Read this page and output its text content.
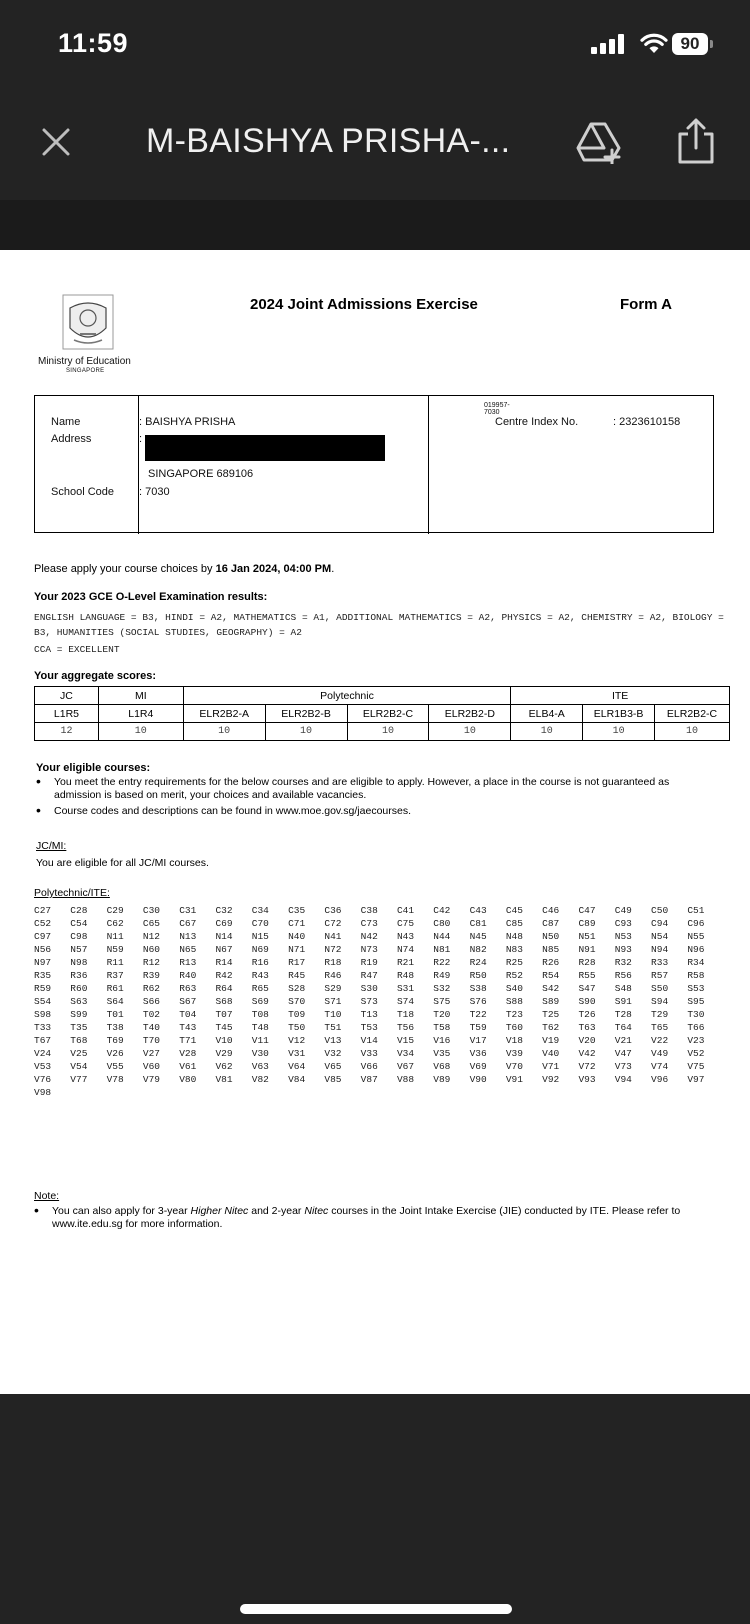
11:59	90
M-BAISHYA PRISHA-...
Ministry of Education
SINGAPORE
2024 Joint Admissions Exercise	Form A
019957-7030
Name	: BAISHYA PRISHA
Address	:
SINGAPORE 689106
School Code : 7030
Centre Index No.	: 2323610158
Please apply your course choices by 16 Jan 2024, 04:00 PM.
Your 2023 GCE O-Level Examination results:
ENGLISH LANGUAGE = B3, HINDI = A2, MATHEMATICS = A1, ADDITIONAL MATHEMATICS = A2, PHYSICS = A2, CHEMISTRY = A2, BIOLOGY = B3, HUMANITIES (SOCIAL STUDIES, GEOGRAPHY) = A2
CCA = EXCELLENT
Your aggregate scores:
JC	MI	Polytechnic				ITE		
L1R5	L1R4	ELR2B2-A	ELR2B2-B	ELR2B2-C	ELR2B2-D	ELB4-A	ELR1B3-B	ELR2B2-C
12	10	10	10	10	10	10	10	10
Your eligible courses:
• You meet the entry requirements for the below courses and are eligible to apply. However, a place in the course is not guaranteed as admission is based on merit, your choices and available vacancies.
• Course codes and descriptions can be found in www.moe.gov.sg/jaecourses.
JC/MI:
You are eligible for all JC/MI courses.
Polytechnic/ITE:
C27	C28	C29	C30	C31	C32	C34	C35	C36	C38	C41	C42	C43	C45	C46	C47	C49	C50	C51
C52	C54	C62	C65	C67	C69	C70	C71	C72	C73	C75	C80	C81	C85	C87	C89	C93	C94	C96
C97	C98	N11	N12	N13	N14	N15	N40	N41	N42	N43	N44	N45	N48	N50	N51	N53	N54	N55
N56	N57	N59	N60	N65	N67	N69	N71	N72	N73	N74	N81	N82	N83	N85	N91	N93	N94	N96
N97	N98	R11	R12	R13	R14	R16	R17	R18	R19	R21	R22	R24	R25	R26	R28	R32	R33	R34
R35	R36	R37	R39	R40	R42	R43	R45	R46	R47	R48	R49	R50	R52	R54	R55	R56	R57	R58
R59	R60	R61	R62	R63	R64	R65	S28	S29	S30	S31	S32	S38	S40	S42	S47	S48	S50	S53
S54	S63	S64	S66	S67	S68	S69	S70	S71	S73	S74	S75	S76	S88	S89	S90	S91	S94	S95
S98	S99	T01	T02	T04	T07	T08	T09	T10	T13	T18	T20	T22	T23	T25	T26	T28	T29	T30
T33	T35	T38	T40	T43	T45	T48	T50	T51	T53	T56	T58	T59	T60	T62	T63	T64	T65	T66
T67	T68	T69	T70	T71	V10	V11	V12	V13	V14	V15	V16	V17	V18	V19	V20	V21	V22	V23
V24	V25	V26	V27	V28	V29	V30	V31	V32	V33	V34	V35	V36	V39	V40	V42	V47	V49	V52
V53	V54	V55	V60	V61	V62	V63	V64	V65	V66	V67	V68	V69	V70	V71	V72	V73	V74	V75
V76	V77	V78	V79	V80	V81	V82	V84	V85	V87	V88	V89	V90	V91	V92	V93	V94	V96	V97
V98
Note:
• You can also apply for 3-year Higher Nitec and 2-year Nitec courses in the Joint Intake Exercise (JIE) conducted by ITE. Please refer to www.ite.edu.sg for more information.
